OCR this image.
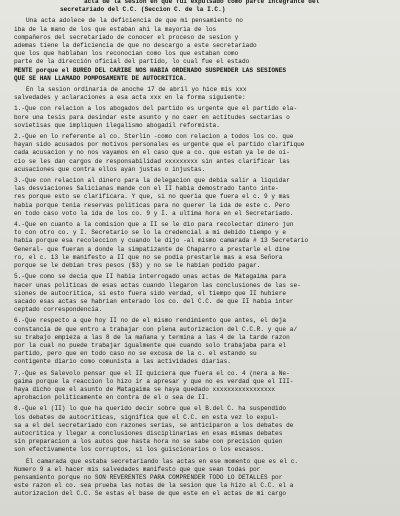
acta de la sesion en que fui expulsado como parte integrante del
secretariado del C.C. (Seccion C. de la I.C.)
Una acta adolece de la deficiencia de que mi pensamiento no
iba de la mano de los que estaban ahi la mayoria de los
compañeros del secretariado de conocer el proceso de sesion y
ademas tiene la deficiencia de que no descargo a este secretariado
que los que hablaban los reconocian como los que estaban como
parte de la dirección oficial del partido, lo cual fue el estado
MENTE porque el BUREO DEL CARIBE NOS HABIA ORDENADO SUSPENDER LAS SESIONES
QUE SE HAN LLAMADO POMPOSAMENTE DE AUTOCRITICA.
En la sesion ordinaria de anoche 17 de abril yo hice mis xxx
salvedades y aclaraciones a esa acta xxx en la forma siguiente:
1.-Que con relacion a los abogados del partido es urgente que el partido ela-
bore una tesis para desindar este asunto y no caer en actitudes sectarias o
sovietisas que impliquen ilegalismo abogadil reformista.
2.-Que en lo referente al co. Sterlin -como con relacion a todos los co. que
hayan sido acusados por motivos personales es urgente que el partido clarifique
cada acusacion y no nos vayamos en el caso que a co. que estan ya le de oi-
cio se les dan cargos de responsabilidad xxxxxxxxx sin antes clarificar las
acusaciones que contra ellos ayan justas o injustas.
3.-Que con relacion al dinero para la delegacion que debia salir a liquidar
las desviaciones Salicianas mande con el II habia demostrado tanto inte-
res porque esto se clarificara. Y que, si no queria que fuera el c. 9 y mas
habia porque tenia reservas politicas para no querer la ida de este c. Pero
en todo caso voto la ida de los co. 9 y I. a ultima hora en el Secretariado.
4.-Que en cuanto a la comision que a II se le dio para recolectar dinero jun
to con otro co. y I. Secretario se lo la credencial a mi debido tiempo y e
habia porque esa recoleccion y cuando le dijo -al mismo camarada # 13 Secretario
General- que fueran a donde la simpatizante de Chaparro a prestarle el dine
ro, el c. 13 le manifesto a II que no se podia prestarle mas a esa Señora
porque se le debian tres pesos ($3) y no se le habian podido pagar.
5.-Que como se decia que II habia interrogado unas actas de Matagaima para
hacer unas politicas de esas actas cuando llegaron las conclusiones de las se-
siones de autocritica, si esto fuera sido verdad, el tiempo que II hubiere
sacado esas actas se habrian enterado los co. del C.C. de que II habia inter
ceptado correspondencia.
6.-Que respecto a que hoy II no de el mismo rendimiento que antes, el deja
constancia de que entro a trabajar con plena autorizacion del C.C.R. y que a/
su trabajo empieza a las 8 de la mañana y termina a las 4 de la tarde razon
por la cual no puede trabajar igualmente que cuando solo trabajaba para el
partido, pero que en todo caso no se excusa de la c. el estando su
contigente diario como comunista a las actividades diarias.
7.-Que es Salevolo pensar que el II quiciera que fuera el co. 4 (nera a Ne-
gaima porque la reaccion lo hizo ir a apresar y que no es verdad que el III-
haya dicho que el asunto de Matagaima se haya quedado xxxxxxxxxxxxxxxxx
aprobacion politicamente en contra de el o sea de II.
8.-Que el (II) lo que ha querido decir sobre que el B.del C. ha suspendido
los debates de autocriticas, significa que el C.C. en esta vez lo expul-
sa a el del secretariado con razones serias, se anticiparon a los debates de
autocritica y llegar a conclusiones disciplinarias en esas mismas debates
sin preparacion a los autos que hasta hora no se sabe con precision quien
son efectivamente los corruptos, si los guiscionarios o los escasos.
El camarada que estaba secretariando las actas en ese momento que es el c.
Numero 9 a el hacer mis salvedades manifesto que que sean todas por
pensamiento porque no SON REVERENTES PARA COMPRENDER TODO LO DETALLES por
este razon el co. sea prueba las notas de la sesion que la hizo al C.C. el a
autorizacion del C.C. Se estas el base de que este en el actas de mi cargo
